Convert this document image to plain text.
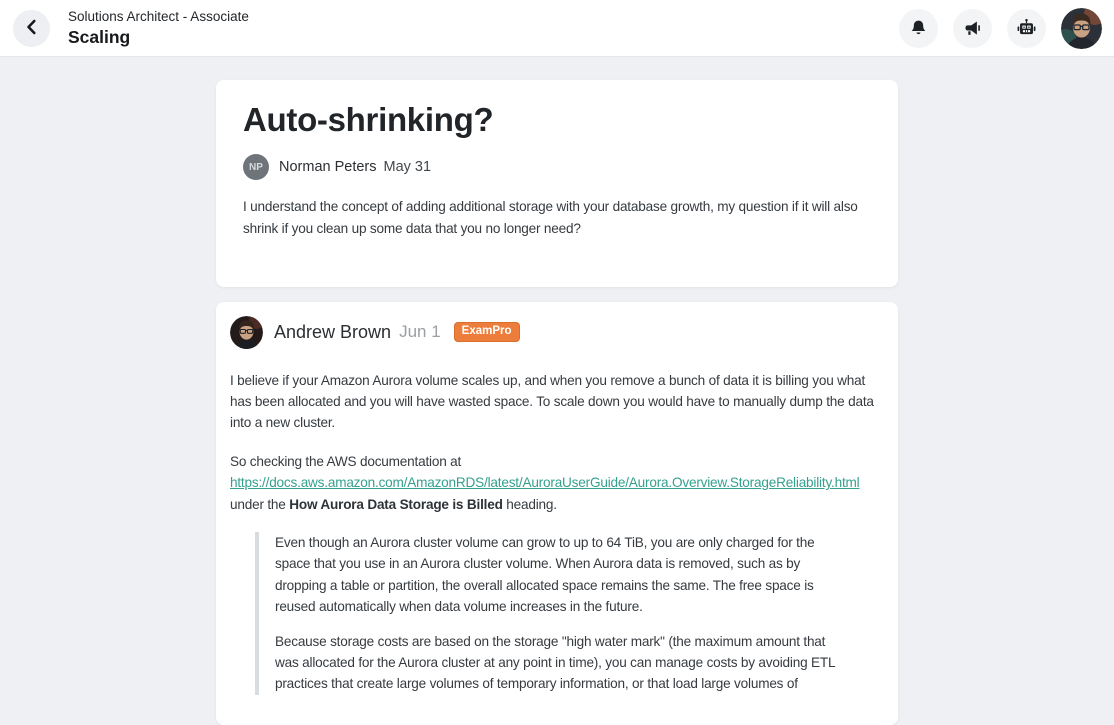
Solutions Architect - Associate
Scaling
Auto-shrinking?
NP	Norman Peters May 31

I understand the concept of adding additional storage with your database growth, my question if it will also shrink if you clean up some data that you no longer need?

Andrew Brown Jun 1	ExamPro

I believe if your Amazon Aurora volume scales up, and when you remove a bunch of data it is billing you what has been allocated and you will have wasted space. To scale down you would have to manually dump the data into a new cluster.

So checking the AWS documentation at https://docs.aws.amazon.com/AmazonRDS/latest/AuroraUserGuide/Aurora.Overview.StorageReliability.htmlunder the How Aurora Data Storage is Billed heading.

Even though an Aurora cluster volume can grow to up to 64 TiB, you are only charged for the space that you use in an Aurora cluster volume. When Aurora data is removed, such as by dropping a table or partition, the overall allocated space remains the same. The free space is reused automatically when data volume increases in the future.

Because storage costs are based on the storage "high water mark" (the maximum amount that was allocated for the Aurora cluster at any point in time), you can manage costs by avoiding ETL practices that create large volumes of temporary information, or that load large volumes of
